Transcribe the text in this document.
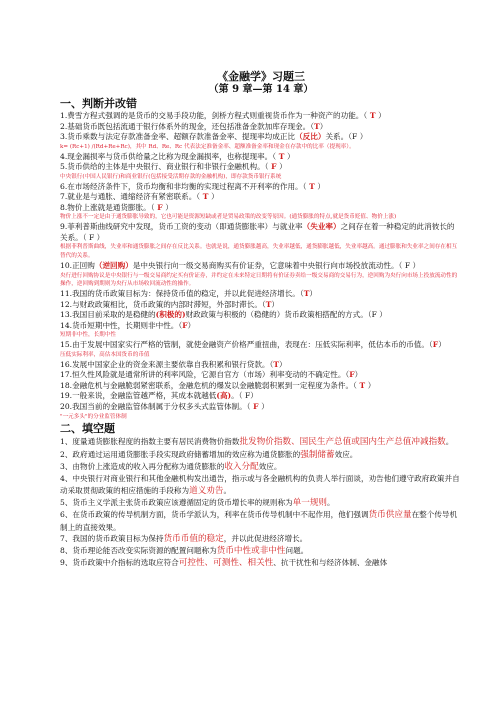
《金融学》习题三
（第 9 章—第 14 章）
一、判断并改错

1.费雪方程式强调的是货币的交易手段功能，剑桥方程式则重视货币作为一种资产的功能。（ T ）

2.基础货币既包括流通于银行体系外的现金，还包括准备金款加库存现金。（T）

3.货币乘数与法定存款准备金率、超额存款准备金率、提现率均成正比（反比）关系。（F ）

k= (Rc+1) /(Rd+Re+Rc)，其中 Rd、Re、Rc 代表法定准备金率、超额准备金率和现金在存款中的比率（提现率）。

4.现金漏损率与货币供给量之比称为现金漏损率，也称提现率。（ T ）

5.货币供给的主体是中央银行、商业银行和非银行金融机构。（ F ）

中央银行(中国人民银行)和商业银行(包括接受活期存款的金融机构)，即存款货币银行系统

6.在市场经济条件下，货币均衡和非均衡的实现过程离不开利率的作用。（ T ）

7.就业是与通胀、通缩经济有紧密联系。（ T ）

8.物价上涨就是通货膨胀。（ F ）

物价上涨不一定是由于通货膨胀导致的，它也可能是资源短缺或者是贸易政策的改变等原因。(通货膨胀的特点,就是货币贬值、物价上涨)

9.菲利普斯曲线研究中发现，货币工资的变动（即通货膨胀率）与就业率（失业率）之间存在着一种稳定的此消彼长的关系。（ F ）

根据菲利普斯曲线，失业率和通货膨胀之间存在反比关系。也就是说，通货膨胀越高，失业率越低，通货膨胀越低，失业率越高。通过膨胀和失业率之间存在相互替代的关系。

10.正回购（逆回购）是中央银行向一级交易商购买有价证券，它意味着中央银行向市场投放流动性。（ F ）

央行进行回购协议是中央银行与一级交易商约定买有价证券，并约定在未来特定日期将有价证券卖给一级交易商的交易行为，逆回购为央行向市场上投放流动性的操作，逆回购到期则为央行从市场收回流动性的操作。

11.我国的货币政策目标为：保持货币值的稳定，并以此促进经济增长。（T）

12.与财政政策相比，货币政策的内部时滞短，外部时滞长。（T）

13.我国目前采取的是稳健的(积极的)财政政策与积极的（稳健的）货币政策相搭配的方式。（F ）

14.货币短期中性，长期则非中性。（F）

短期非中性，长期中性

15.由于发展中国家实行严格的管制，就使金融资产价格严重扭曲，表现在：压低实际利率，低估本币的币值。（F）

压低实际利率，高估本国货币的币值

16.发展中国家企业的资金来源主要依靠自我积累和银行贷款。（T）

17.恒久性风险就是通常所讲的利率风险，它源自官方（市场）利率变动的不确定性。（F）

18.金融危机与金融脆弱紧密联系，金融危机的爆发以金融脆弱积累到一定程度为条件。（ T ）

19.一般来说，金融监管越严格，其成本就越低(高)。（ F）

20.我国当前的金融监管体制属于分权多头式监管体制。（ F ）

"一元多头"的分业监管体制

二、填空题

1、度量通货膨胀程度的指数主要有居民消费物价指数批发物价指数、国民生产总值或国内生产总值冲减指数。

2、政府通过运用通货膨胀手段实现政府储蓄增加的效应称为通货膨胀的强制储蓄效应。

3、由物价上涨造成的收入再分配称为通货膨胀的收入分配效应。

4、中央银行对商业银行和其他金融机构发出通告，指示或与各金融机构的负责人举行面谈，劝告他们遵守政府政策并自动采取贯彻政策的相应措施的手段称为道义劝告。

5、货币主义学派主张货币政策应该遵循固定的货币增长率的规则称为单一规则。

6、在货币政策的传导机制方面，货币学派认为，利率在货币传导机制中不起作用，他们强调货币供应量在整个传导机制上的直接效果。

7、我国的货币政策目标为保持货币币值的稳定，并以此促进经济增长。

8、货币理论能否改变实际资源的配置问题称为货币中性或非中性问题。

9、货币政策中介指标的选取应符合可控性、可测性、相关性、抗干扰性和与经济体制、金融体
